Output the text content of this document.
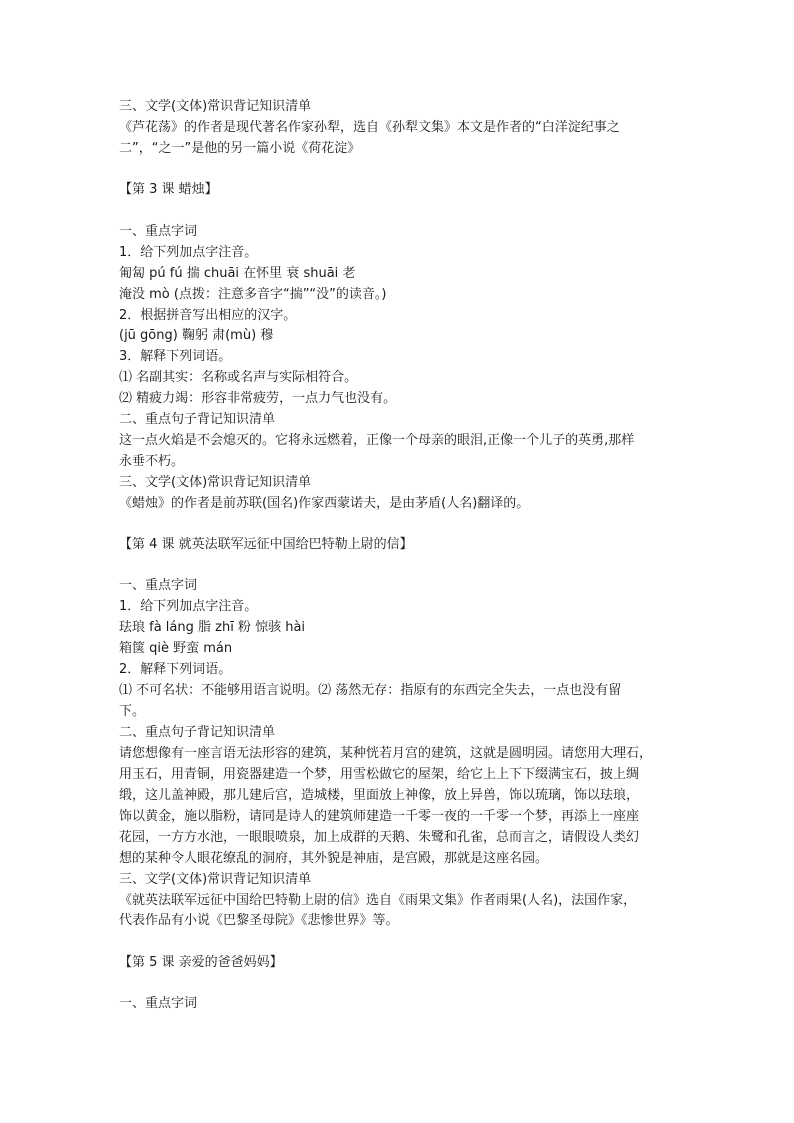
三、文学(文体)常识背记知识清单
《芦花荡》的作者是现代著名作家孙犁，选自《孙犁文集》本文是作者的“白洋淀纪事之
二”，“之一”是他的另一篇小说《荷花淀》
【第 3 课 蜡烛】
一、重点字词
1．给下列加点字注音。
匍匐 pú fú 揣 chuāi 在怀里 衰 shuāi 老
淹没 mò (点拨：注意多音字“揣”“没”的读音。)
2．根据拼音写出相应的汉字。
(jū gōng) 鞠躬 肃(mù) 穆
3．解释下列词语。
⑴ 名副其实：名称或名声与实际相符合。
⑵ 精疲力竭：形容非常疲劳，一点力气也没有。
二、重点句子背记知识清单
这一点火焰是不会熄灭的。它将永远燃着，正像一个母亲的眼泪,正像一个儿子的英勇,那样
永垂不朽。
三、文学(文体)常识背记知识清单
《蜡烛》的作者是前苏联(国名)作家西蒙诺夫，是由茅盾(人名)翻译的。
【第 4 课 就英法联军远征中国给巴特勒上尉的信】
一、重点字词
1．给下列加点字注音。
珐琅 fà láng 脂 zhī 粉 惊骇 hài
箱箧 qiè 野蛮 mán
2．解释下列词语。
⑴ 不可名状：不能够用语言说明。⑵ 荡然无存：指原有的东西完全失去，一点也没有留
下。
二、重点句子背记知识清单
请您想像有一座言语无法形容的建筑，某种恍若月宫的建筑，这就是圆明园。请您用大理石，
用玉石，用青铜，用瓷器建造一个梦，用雪松做它的屋架，给它上上下下缀满宝石，披上绸
缎，这儿盖神殿，那儿建后宫，造城楼，里面放上神像，放上异兽，饰以琉璃，饰以珐琅，
饰以黄金，施以脂粉，请同是诗人的建筑师建造一千零一夜的一千零一个梦，再添上一座座
花园，一方方水池，一眼眼喷泉，加上成群的天鹅、朱鹭和孔雀，总而言之，请假设人类幻
想的某种令人眼花缭乱的洞府，其外貌是神庙，是宫殿，那就是这座名园。
三、文学(文体)常识背记知识清单
《就英法联军远征中国给巴特勒上尉的信》选自《雨果文集》作者雨果(人名)，法国作家，
代表作品有小说《巴黎圣母院》《悲惨世界》等。
【第 5 课 亲爱的爸爸妈妈】
一、重点字词
